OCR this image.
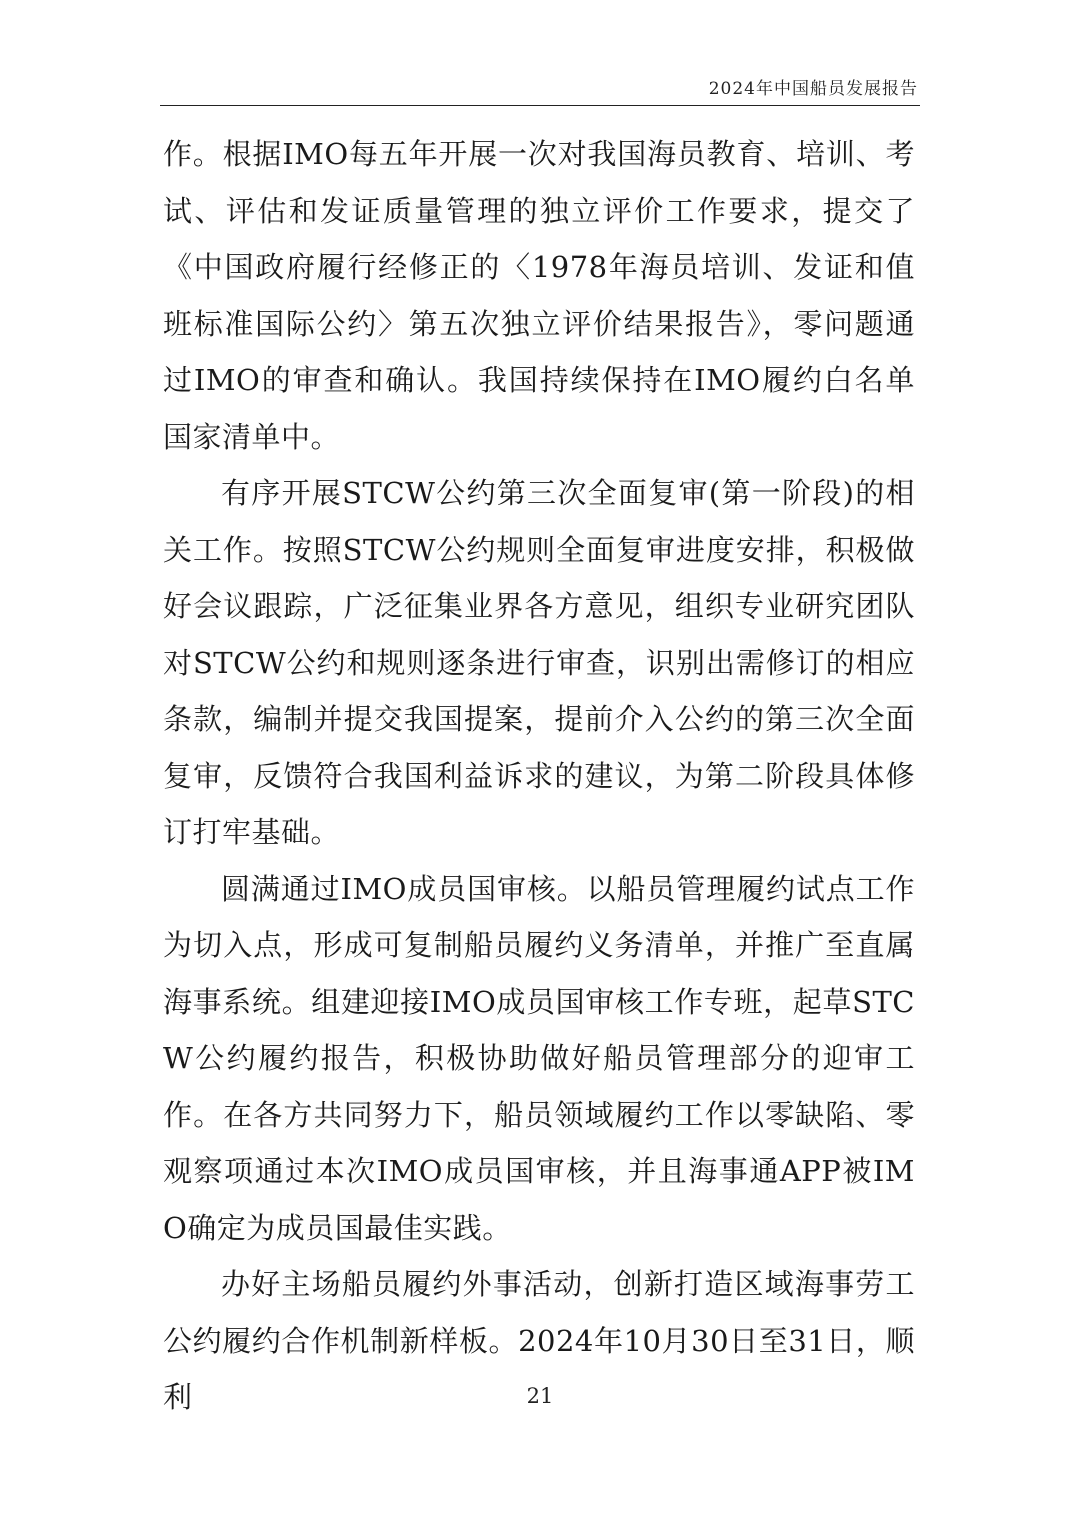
2024年中国船员发展报告

作。根据IMO每五年开展一次对我国海员教育、培训、考试、评估和发证质量管理的独立评价工作要求，提交了《中国政府履行经修正的〈1978年海员培训、发证和值班标准国际公约〉第五次独立评价结果报告》，零问题通过IMO的审查和确认。我国持续保持在IMO履约白名单国家清单中。

有序开展STCW公约第三次全面复审(第一阶段)的相关工作。按照STCW公约规则全面复审进度安排，积极做好会议跟踪，广泛征集业界各方意见，组织专业研究团队对STCW公约和规则逐条进行审查，识别出需修订的相应条款，编制并提交我国提案，提前介入公约的第三次全面复审，反馈符合我国利益诉求的建议，为第二阶段具体修订打牢基础。

圆满通过IMO成员国审核。以船员管理履约试点工作为切入点，形成可复制船员履约义务清单，并推广至直属海事系统。组建迎接IMO成员国审核工作专班，起草STCW公约履约报告，积极协助做好船员管理部分的迎审工作。在各方共同努力下，船员领域履约工作以零缺陷、零观察项通过本次IMO成员国审核，并且海事通APP被IMO确定为成员国最佳实践。

办好主场船员履约外事活动，创新打造区域海事劳工公约履约合作机制新样板。2024年10月30日至31日，顺利	21
